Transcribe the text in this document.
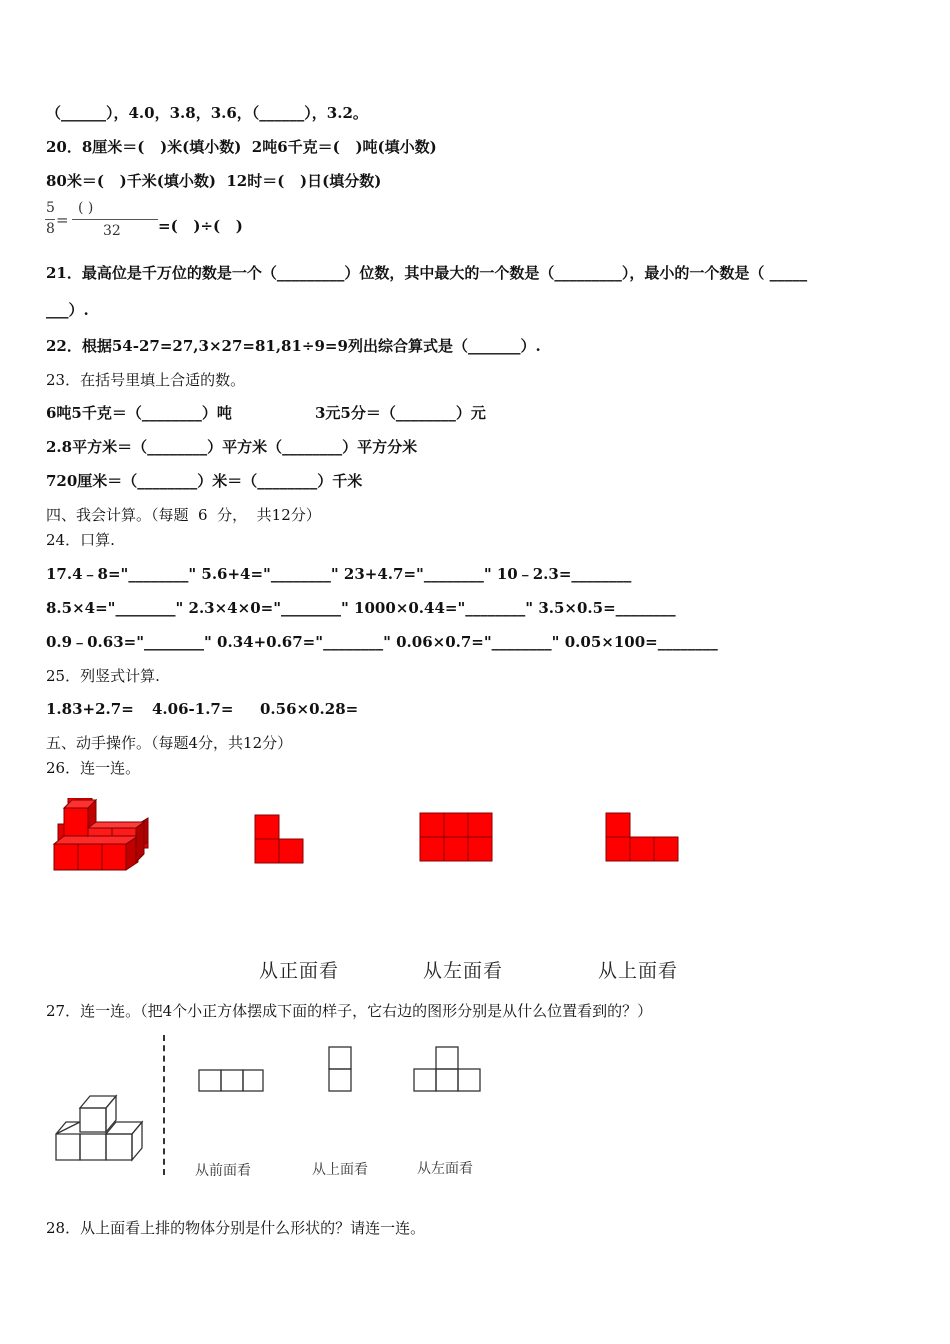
（______），4.0，3.8，3.6，（______），3.2。
20．8厘米＝(   )米(填小数)  2吨6千克＝(   )吨(填小数)
80米＝(   )千米(填小数)  12时＝(   )日(填分数)
5
8 =
( )
32 =(   )÷(   )
21．最高位是千万位的数是一个（_________）位数，其中最大的一个数是（_________），最小的一个数是（ _____
___）.
22．根据54-27=27,3×27=81,81÷9=9列出综合算式是（_______）.
23．在括号里填上合适的数。
6吨5千克＝（________）吨	3元5分＝（________）元
2.8平方米＝（________）平方米（________）平方分米
720厘米＝（________）米＝（________）千米
四、我会计算。（每题  6  分，  共12分）
24．口算.
17.4﹣8="________" 5.6+4="________" 23+4.7="________" 10﹣2.3=________
8.5×4="________" 2.3×4×0="________" 1000×0.44="________" 3.5×0.5=________
0.9﹣0.63="________" 0.34+0.67="________" 0.06×0.7="________" 0.05×100=________
25．列竖式计算.
1.83+2.7= 4.06-1.7= 0.56×0.28=
五、动手操作。（每题4分，共12分）
26．连一连。
从正面看	从左面看	从上面看
27．连一连。（把4个小正方体摆成下面的样子，它右边的图形分别是从什么位置看到的？）
从前面看	从上面看	从左面看
28．从上面看上排的物体分别是什么形状的？请连一连。
